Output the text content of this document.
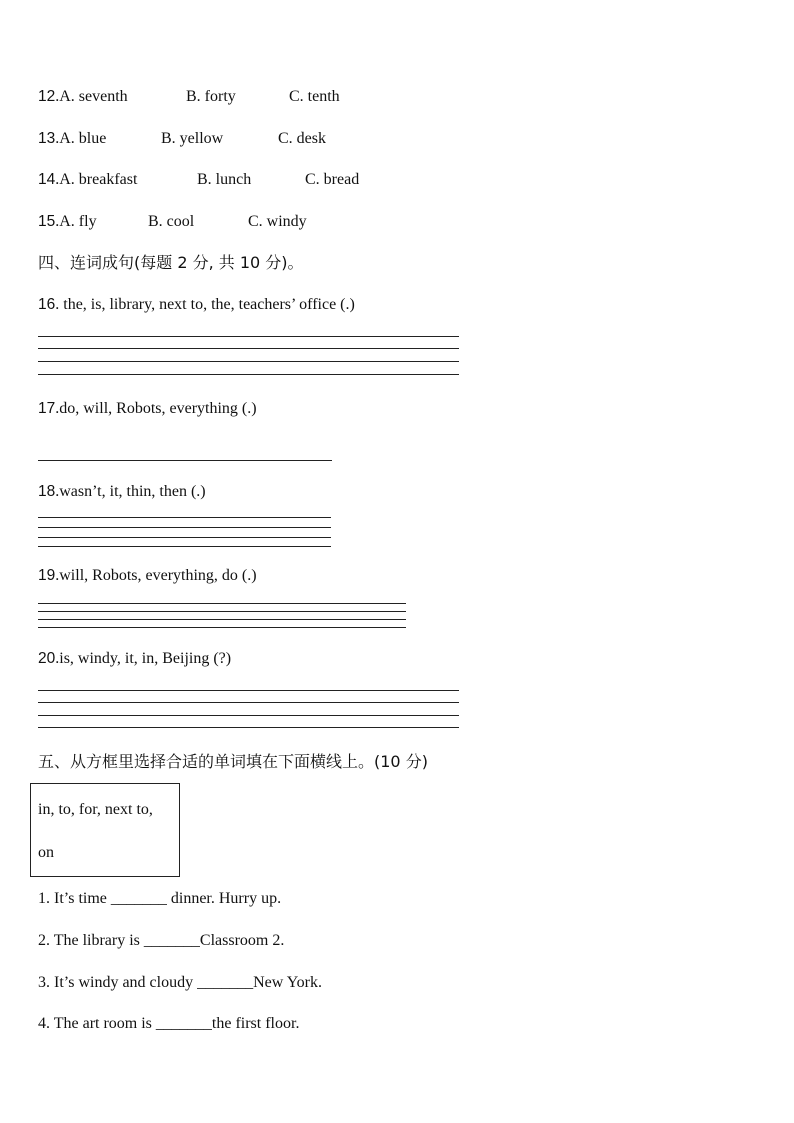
12.A. seventh	B. forty	C. tenth
13.A. blue	B. yellow	C. desk
14.A. breakfast	B. lunch	C. bread
15.A. fly	B. cool	C. windy
四、连词成句(每题 2 分, 共 10 分)。
16. the, is, library, next to, the, teachers’ office (.)
17.do, will, Robots, everything (.)
18.wasn’t, it, thin, then (.)
19.will, Robots, everything, do (.)
20.is, windy, it, in, Beijing (?)
五、从方框里选择合适的单词填在下面横线上。(10 分)
in, to, for, next to,
on
1. It’s time _______ dinner. Hurry up.
2. The library is _______Classroom 2.
3. It’s windy and cloudy _______New York.
4. The art room is _______the first floor.
